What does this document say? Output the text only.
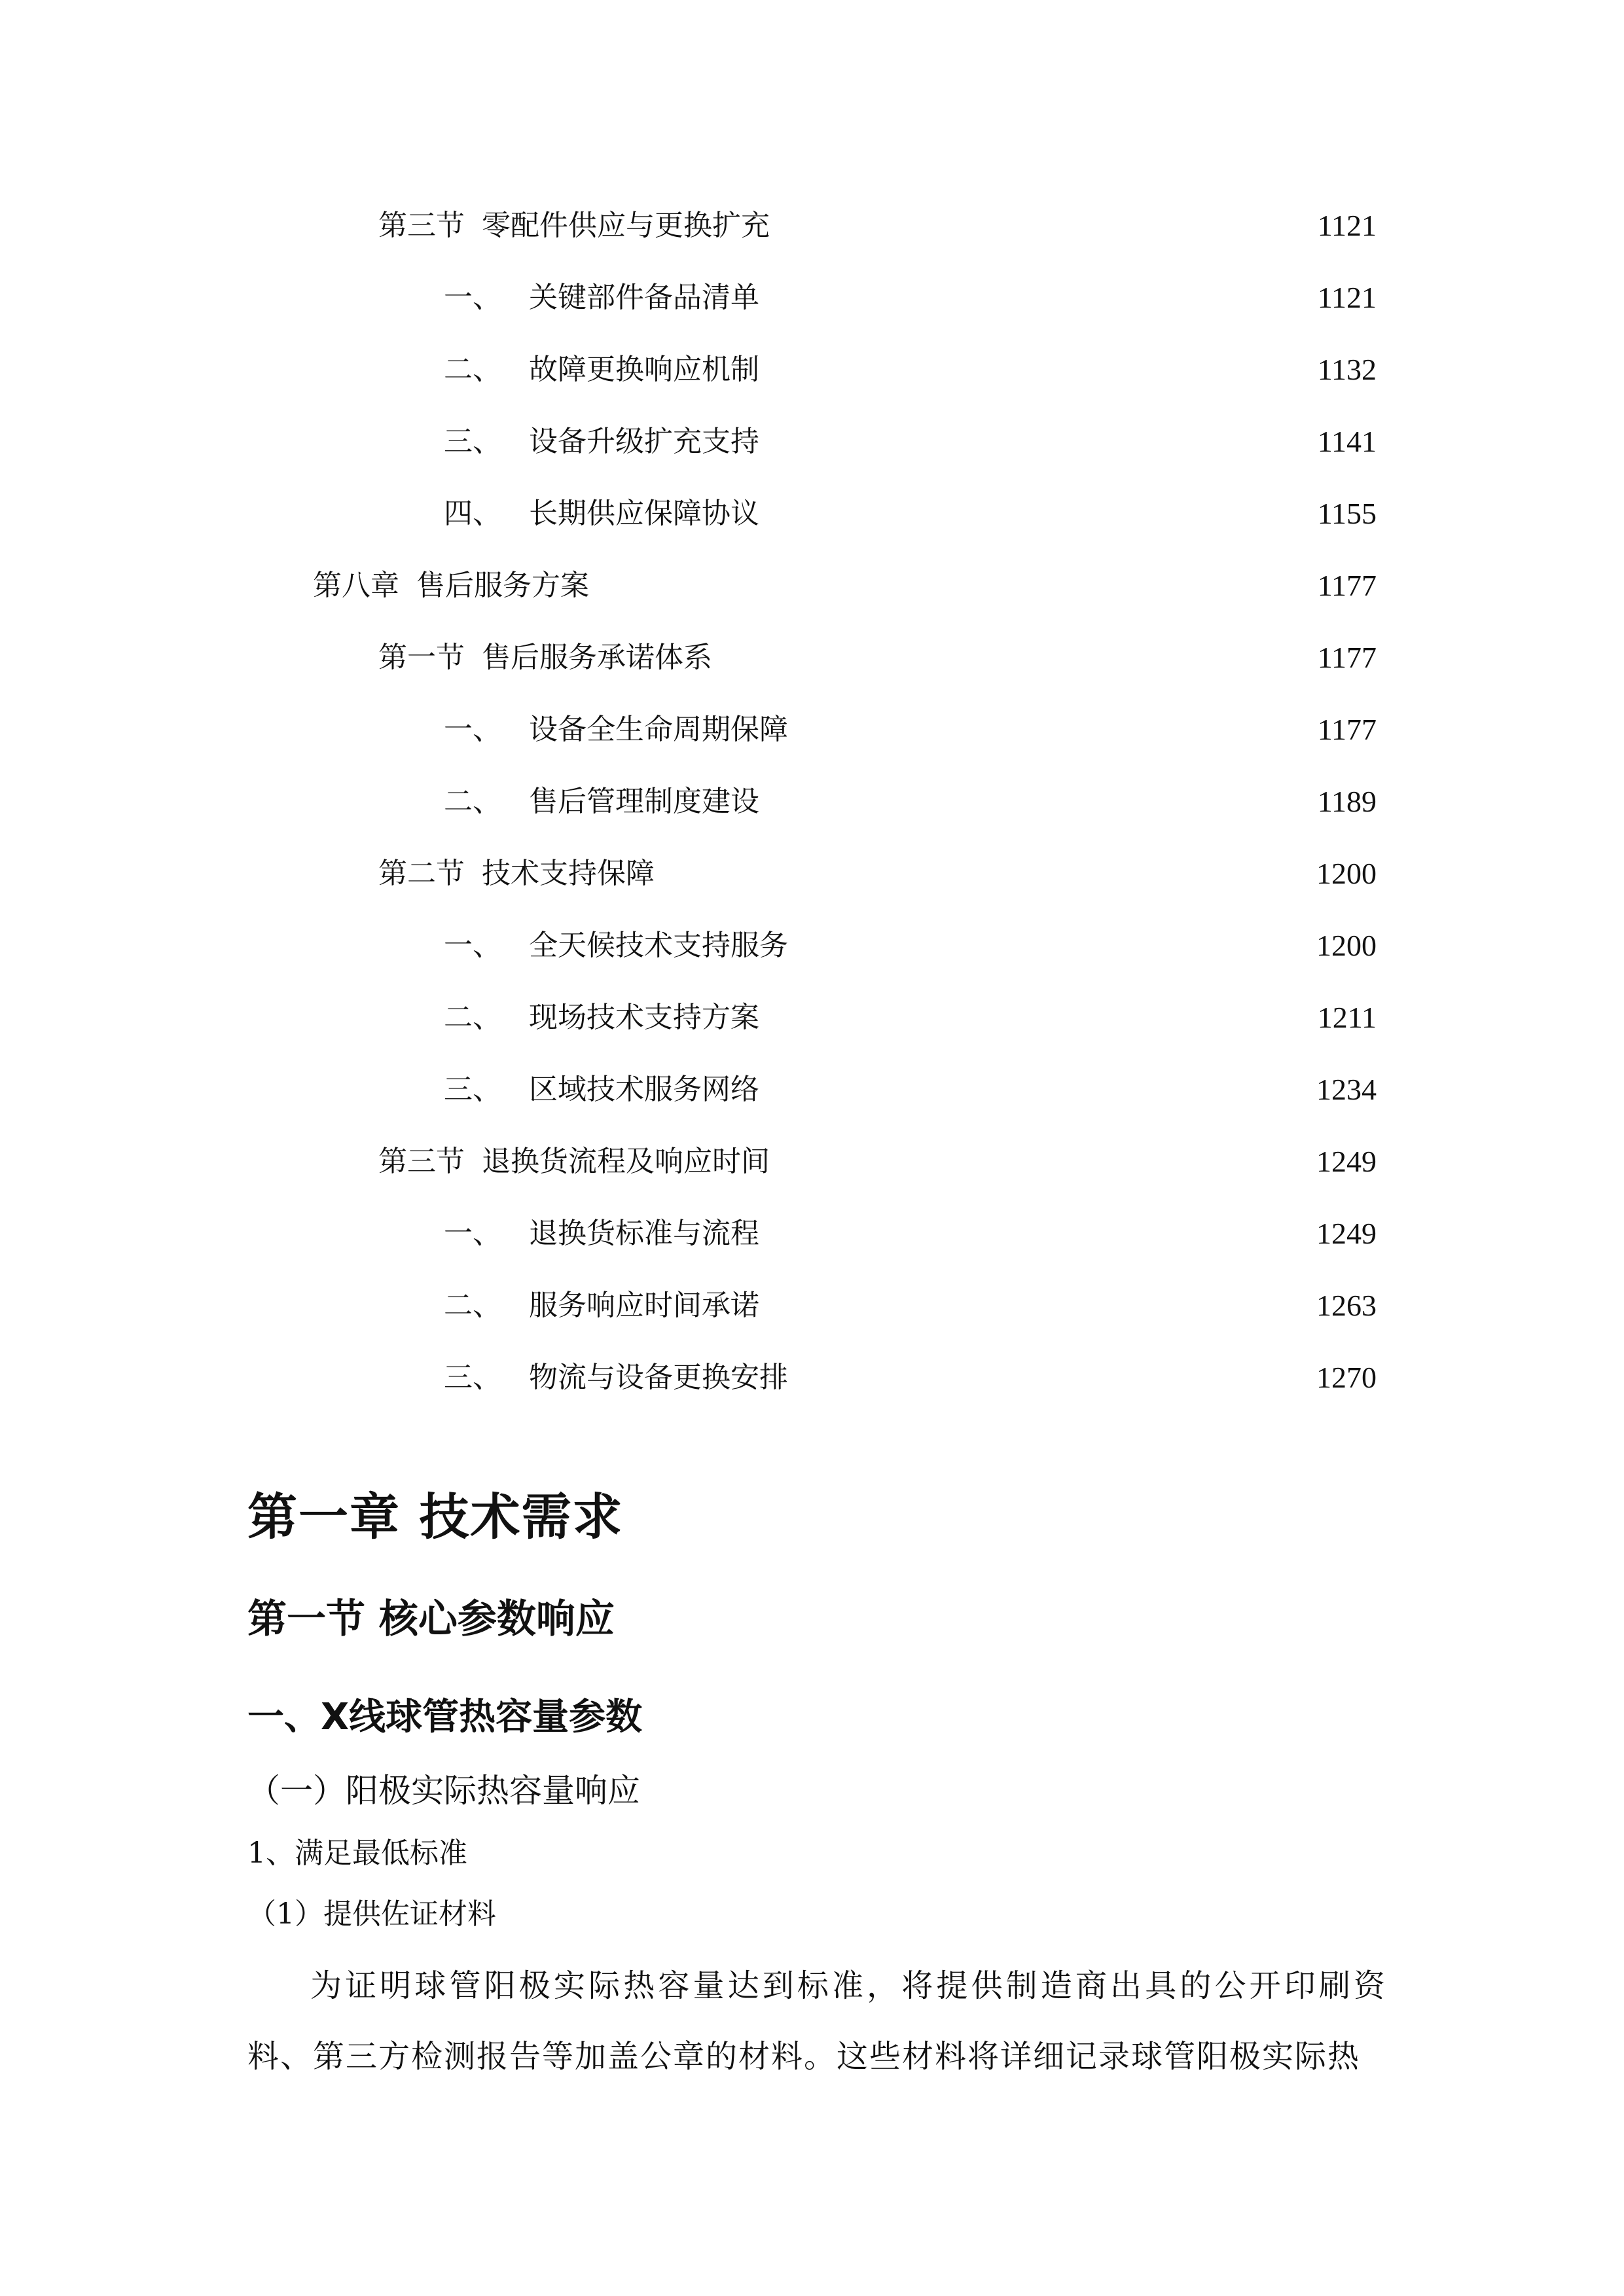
第三节 零配件供应与更换扩充	1121
一、 关键部件备品清单	1121
二、 故障更换响应机制	1132
三、 设备升级扩充支持	1141
四、 长期供应保障协议	1155
第八章 售后服务方案	1177
第一节 售后服务承诺体系	1177
一、 设备全生命周期保障	1177
二、 售后管理制度建设	1189
第二节 技术支持保障	1200
一、 全天候技术支持服务	1200
二、 现场技术支持方案	1211
三、 区域技术服务网络	1234
第三节 退换货流程及响应时间	1249
一、 退换货标准与流程	1249
二、 服务响应时间承诺	1263
三、 物流与设备更换安排	1270
第一章 技术需求
第一节 核心参数响应
一、X线球管热容量参数
（一）阳极实际热容量响应

1、满足最低标准

（1）提供佐证材料

为证明球管阳极实际热容量达到标准，将提供制造商出具的公开印刷资料、第三方检测报告等加盖公章的材料。这些材料将详细记录球管阳极实际热
